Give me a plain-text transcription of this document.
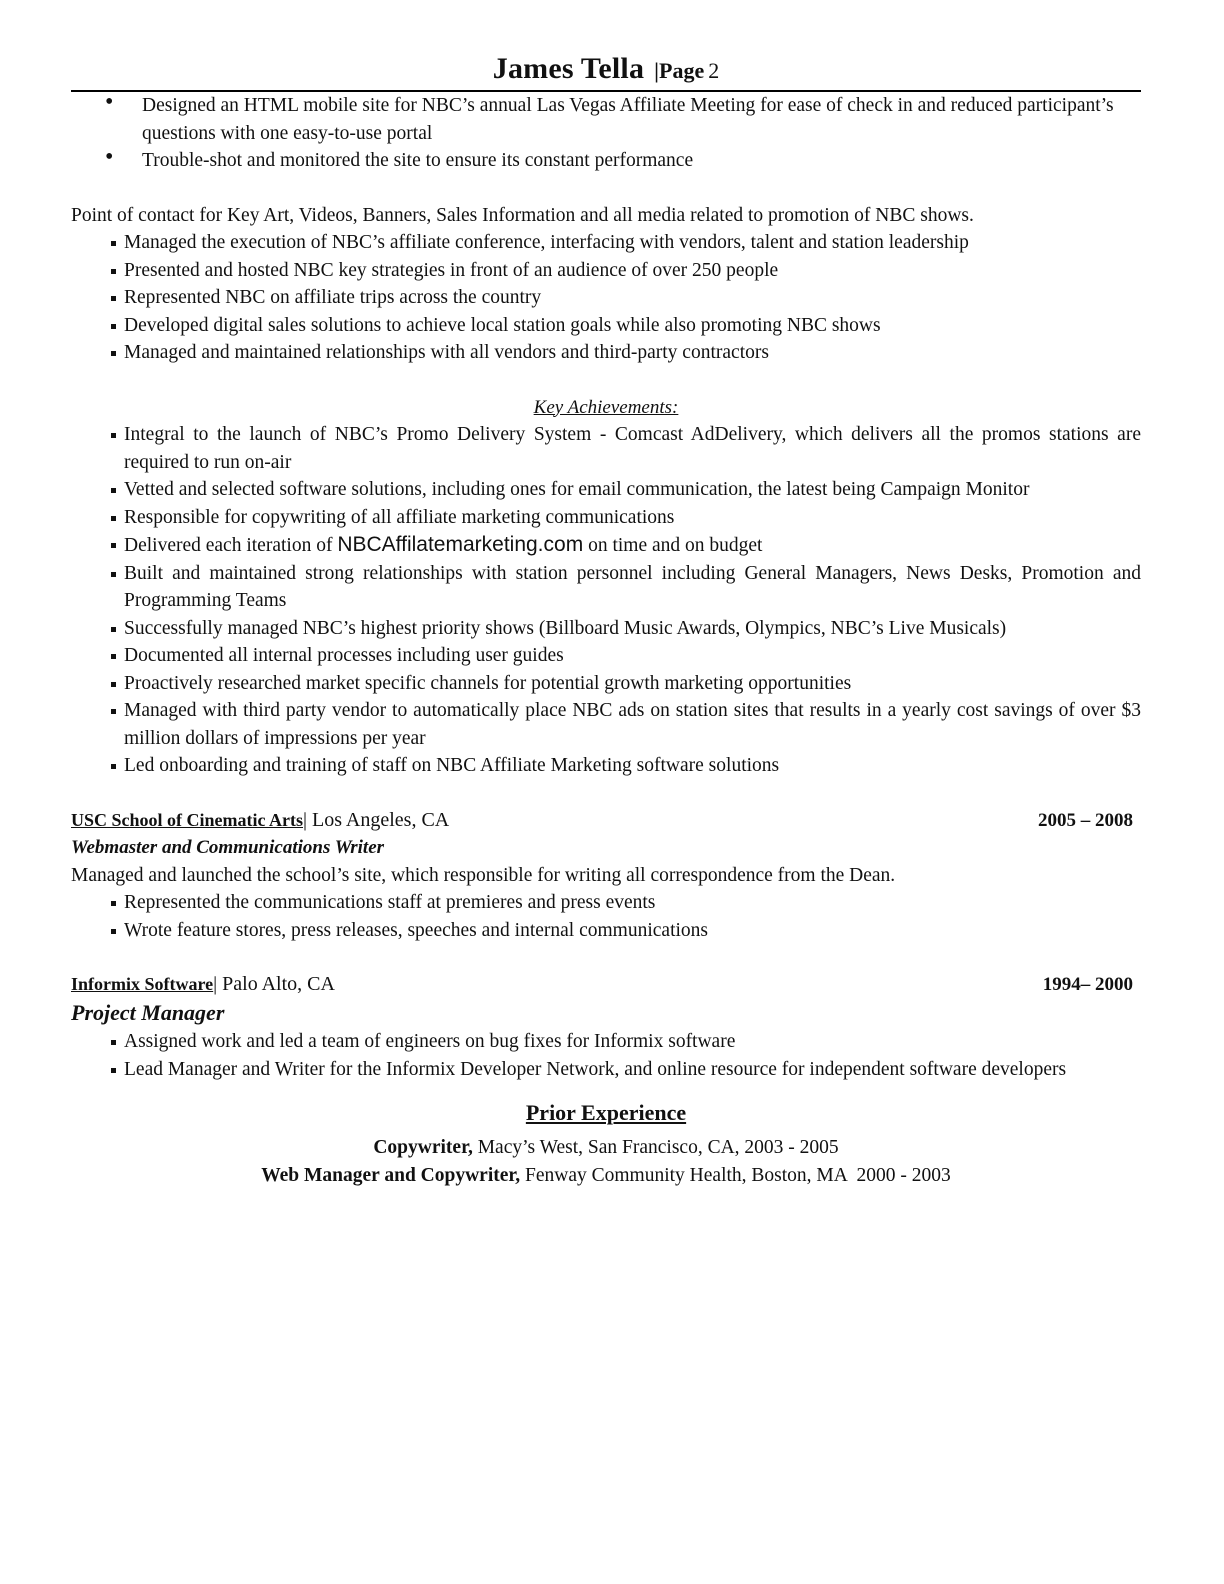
James Tella |Page 2
• Designed an HTML mobile site for NBC’s annual Las Vegas Affiliate Meeting for ease of check in and reduced participant’s questions with one easy-to-use portal
• Trouble-shot and monitored the site to ensure its constant performance
Point of contact for Key Art, Videos, Banners, Sales Information and all media related to promotion of NBC shows.
Managed the execution of NBC’s affiliate conference, interfacing with vendors, talent and station leadership
Presented and hosted NBC key strategies in front of an audience of over 250 people
Represented NBC on affiliate trips across the country
Developed digital sales solutions to achieve local station goals while also promoting NBC shows
Managed and maintained relationships with all vendors and third-party contractors
Key Achievements:
Integral to the launch of NBC’s Promo Delivery System - Comcast AdDelivery, which delivers all the promos stations are required to run on-air
Vetted and selected software solutions, including ones for email communication, the latest being Campaign Monitor
Responsible for copywriting of all affiliate marketing communications
Delivered each iteration of NBCAffilatemarketing.com on time and on budget
Built and maintained strong relationships with station personnel including General Managers, News Desks, Promotion and Programming Teams
Successfully managed NBC’s highest priority shows (Billboard Music Awards, Olympics, NBC’s Live Musicals)
Documented all internal processes including user guides
Proactively researched market specific channels for potential growth marketing opportunities
Managed with third party vendor to automatically place NBC ads on station sites that results in a yearly cost savings of over $3 million dollars of impressions per year
Led onboarding and training of staff on NBC Affiliate Marketing software solutions
USC School of Cinematic Arts| Los Angeles, CA	2005 – 2008
Webmaster and Communications Writer
Managed and launched the school’s site, which responsible for writing all correspondence from the Dean.
Represented the communications staff at premieres and press events
Wrote feature stores, press releases, speeches and internal communications
Informix Software| Palo Alto, CA	1994– 2000
Project Manager
Assigned work and led a team of engineers on bug fixes for Informix software
Lead Manager and Writer for the Informix Developer Network, and online resource for independent software developers
Prior Experience
Copywriter, Macy’s West, San Francisco, CA, 2003 - 2005
Web Manager and Copywriter, Fenway Community Health, Boston, MA  2000 - 2003
